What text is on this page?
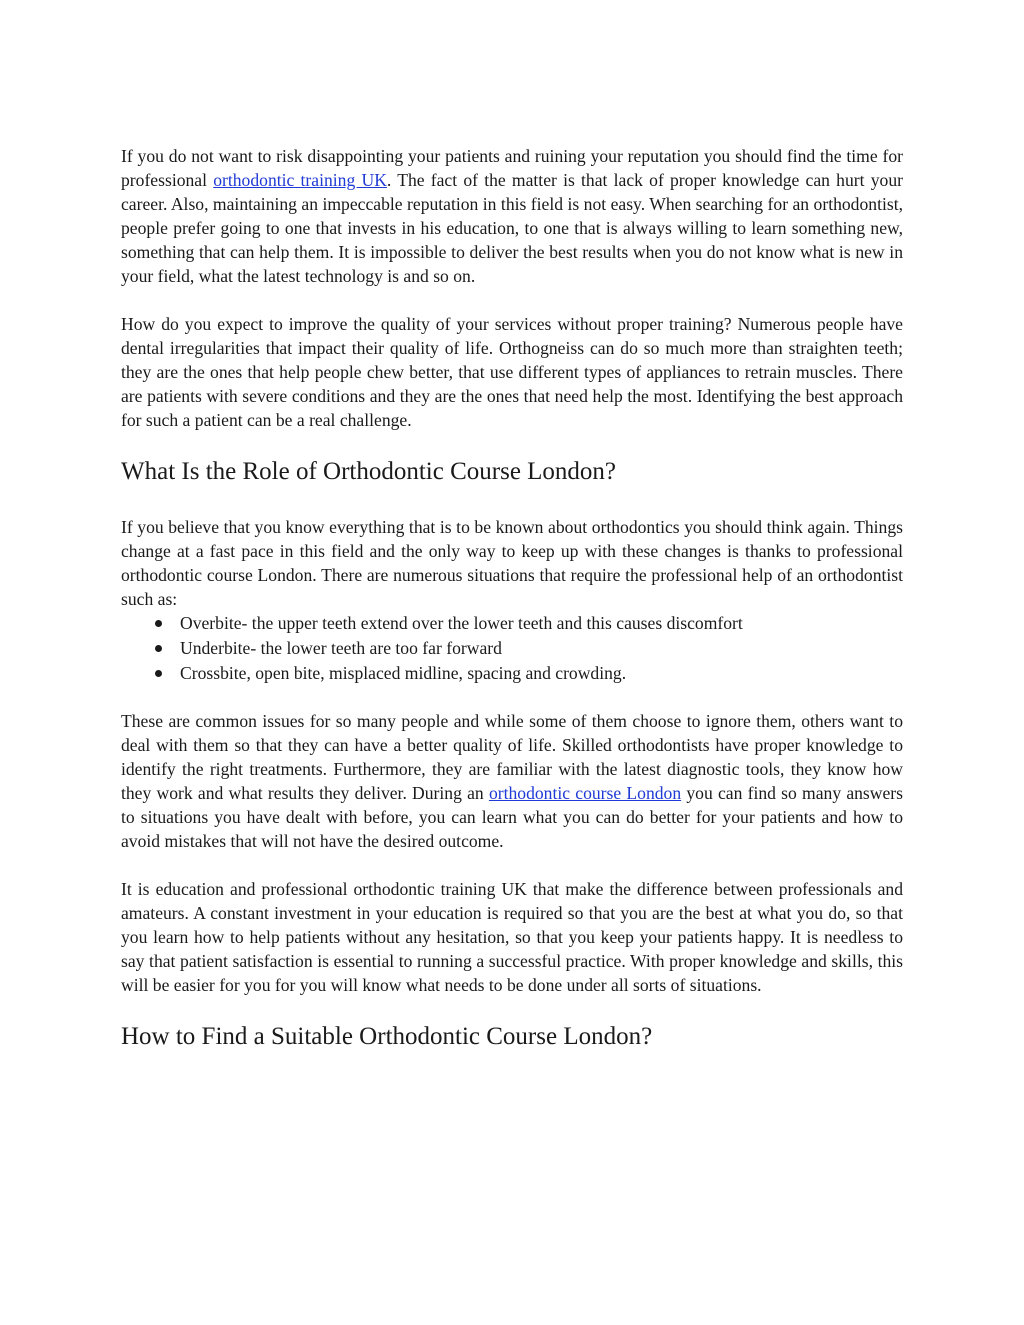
If you do not want to risk disappointing your patients and ruining your reputation you should find the time for professional orthodontic training UK. The fact of the matter is that lack of proper knowledge can hurt your career. Also, maintaining an impeccable reputation in this field is not easy. When searching for an orthodontist, people prefer going to one that invests in his education, to one that is always willing to learn something new, something that can help them. It is impossible to deliver the best results when you do not know what is new in your field, what the latest technology is and so on.

How do you expect to improve the quality of your services without proper training? Numerous people have dental irregularities that impact their quality of life. Orthogneiss can do so much more than straighten teeth; they are the ones that help people chew better, that use different types of appliances to retrain muscles. There are patients with severe conditions and they are the ones that need help the most. Identifying the best approach for such a patient can be a real challenge.

What Is the Role of Orthodontic Course London?

If you believe that you know everything that is to be known about orthodontics you should think again. Things change at a fast pace in this field and the only way to keep up with these changes is thanks to professional orthodontic course London. There are numerous situations that require the professional help of an orthodontist such as:

Overbite- the upper teeth extend over the lower teeth and this causes discomfort
Underbite- the lower teeth are too far forward
Crossbite, open bite, misplaced midline, spacing and crowding.

These are common issues for so many people and while some of them choose to ignore them, others want to deal with them so that they can have a better quality of life. Skilled orthodontists have proper knowledge to identify the right treatments. Furthermore, they are familiar with the latest diagnostic tools, they know how they work and what results they deliver. During an orthodontic course London you can find so many answers to situations you have dealt with before, you can learn what you can do better for your patients and how to avoid mistakes that will not have the desired outcome.

It is education and professional orthodontic training UK that make the difference between professionals and amateurs. A constant investment in your education is required so that you are the best at what you do, so that you learn how to help patients without any hesitation, so that you keep your patients happy. It is needless to say that patient satisfaction is essential to running a successful practice. With proper knowledge and skills, this will be easier for you for you will know what needs to be done under all sorts of situations.

How to Find a Suitable Orthodontic Course London?
